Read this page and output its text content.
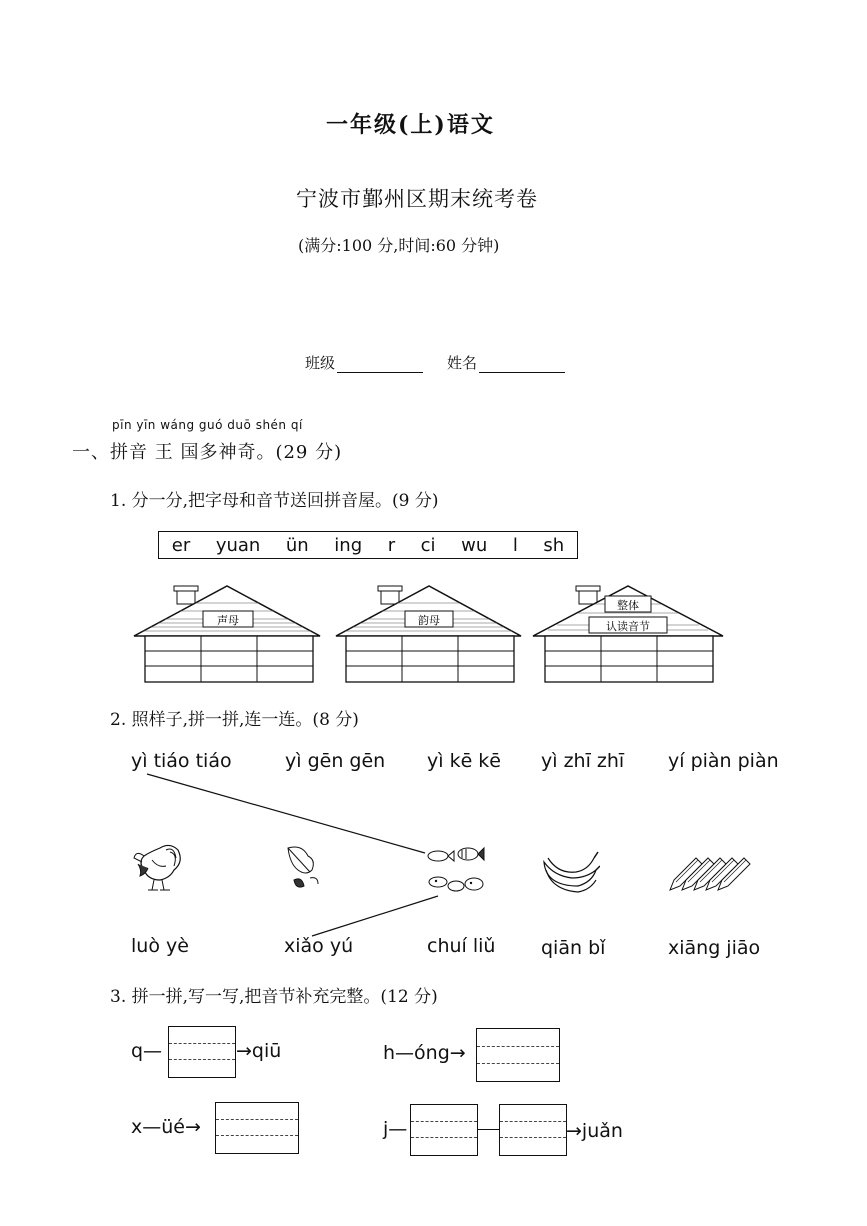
一年级(上)语文
宁波市鄞州区期末统考卷
(满分:100 分,时间:60 分钟)
班级	姓名
pīn yīn wáng guó duō shén qí
一、拼音 王 国多神奇。(29 分)
1. 分一分,把字母和音节送回拼音屋。(9 分)
er yuan ün ing r ci wu l sh
声母	韵母
整体
认读音节
2. 照样子,拼一拼,连一连。(8 分)
yì tiáo tiáo	yì gēn gēn yì kē kē yì zhī zhī yí piàn piàn
luò yè	xiǎo yú	chuí liǔ qiān bǐ	xiāng jiāo
3. 拼一拼,写一写,把音节补充完整。(12 分)
q—	→qiū	h—óng→
x—üé→	j—	→juǎn
